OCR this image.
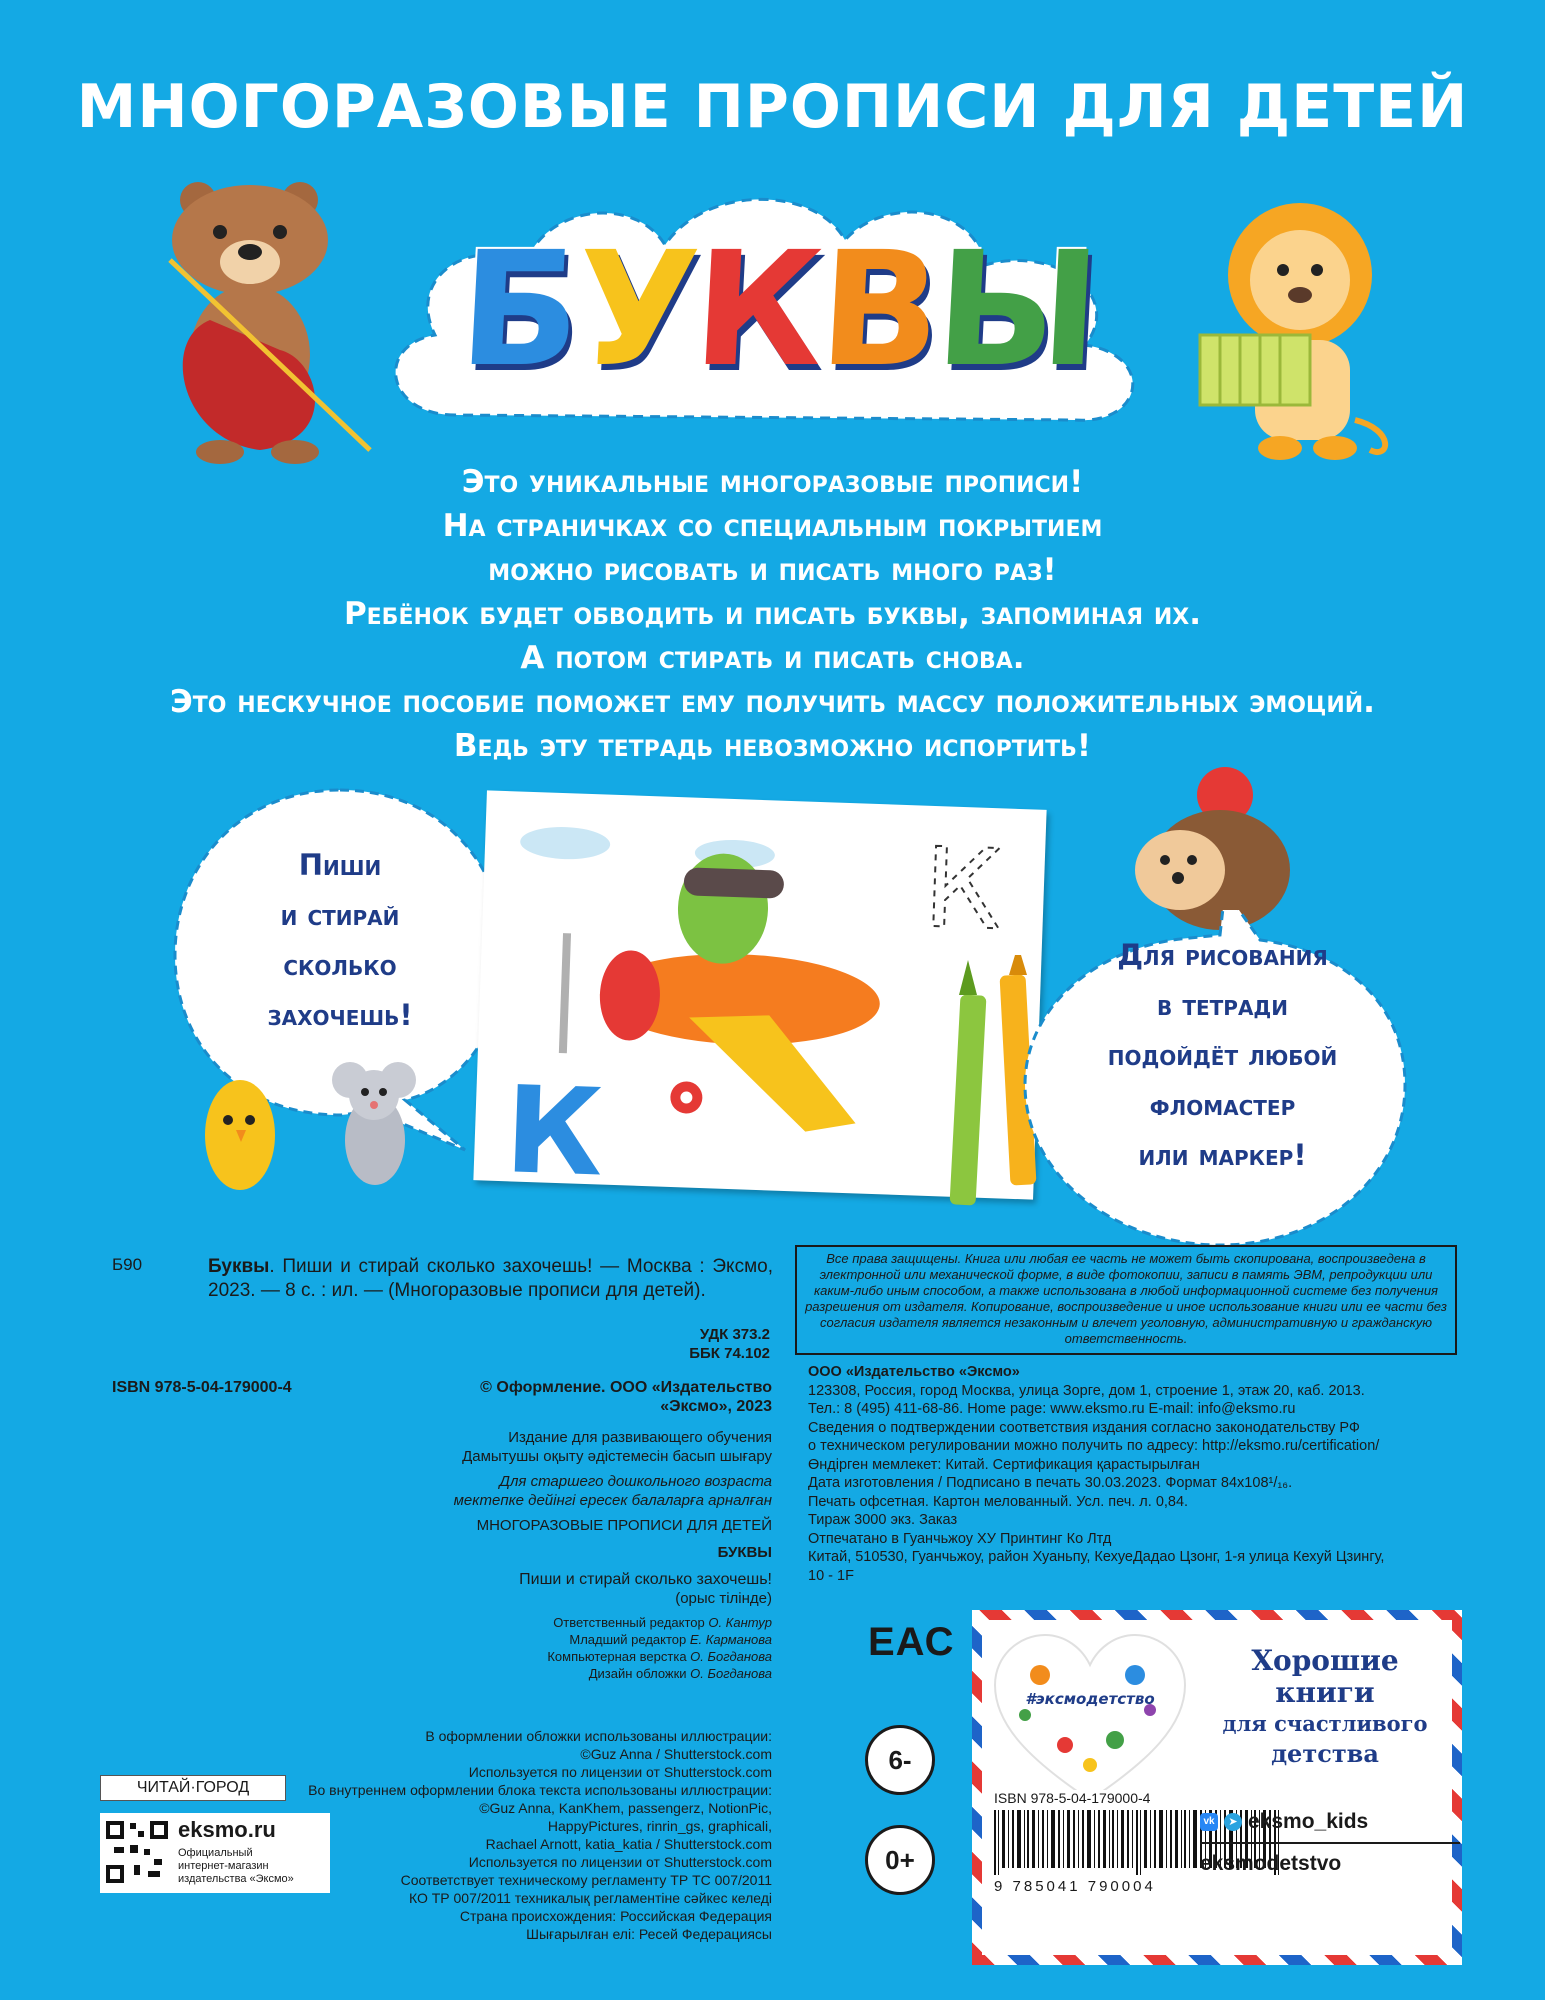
МНОГОРАЗОВЫЕ ПРОПИСИ ДЛЯ ДЕТЕЙ
Б
У
К
В
Ы
Это уникальные многоразовые прописи!
На страничках со специальным покрытием
можно рисовать и писать много раз!
Ребёнок будет обводить и писать буквы, запоминая их.
А потом стирать и писать снова.
Это нескучное пособие поможет ему получить массу положительных эмоций.
Ведь эту тетрадь невозможно испортить!
Пиши
и стирай
сколько
захочешь!
К
К
Для рисования
в тетради
подойдёт любой
фломастер
или маркер!
Б90	Буквы. Пиши и стирай сколько захочешь! — Москва : Эксмо, 2023. — 8 с. : ил. — (Многоразовые прописи для детей).
УДК 373.2
ББК 74.102
ISBN 978-5-04-179000-4	© Оформление. ООО «Издательство «Эксмо», 2023
Издание для развивающего обучения
Дамытушы оқыту әдістемесін басып шығару
Для старшего дошкольного возраста
мектепке дейінгі ересек балаларға арналған
МНОГОРАЗОВЫЕ ПРОПИСИ ДЛЯ ДЕТЕЙ
БУКВЫ
Пиши и стирай сколько захочешь!
(орыс тілінде)
Ответственный редактор О. Кантур
Младший редактор Е. Карманова
Компьютерная верстка О. Богданова
Дизайн обложки О. Богданова
В оформлении обложки использованы иллюстрации:
©Guz Anna / Shutterstock.com
Используется по лицензии от Shutterstock.com
Во внутреннем оформлении блока текста использованы иллюстрации:
©Guz Anna, KanKhem, passengerz, NotionPic,
HappyPictures, rinrin_gs, graphicali,
Rachael Arnott, katia_katia / Shutterstock.com
Используется по лицензии от Shutterstock.com
Соответствует техническому регламенту ТР ТС 007/2011
КО ТР 007/2011 техникалық регламентіне сәйкес келеді
Страна происхождения: Российская Федерация
Шығарылған елі: Ресей Федерациясы
ЧИТАЙ·ГОРОД
eksmo.ru
Официальный
интернет-магазин
издательства «Эксмо»
Все права защищены. Книга или любая ее часть не может быть скопирована, воспроизведена в электронной или механической форме, в виде фотокопии, записи в память ЭВМ, репродукции или каким-либо иным способом, а также использована в любой информационной системе без получения разрешения от издателя. Копирование, воспроизведение и иное использование книги или ее части без согласия издателя является незаконным и влечет уголовную, административную и гражданскую ответственность.
ООО «Издательство «Эксмо»
123308, Россия, город Москва, улица Зорге, дом 1, строение 1, этаж 20, каб. 2013.
Тел.: 8 (495) 411-68-86. Home page: www.eksmo.ru E-mail: info@eksmo.ru
Сведения о подтверждении соответствия издания согласно законодательству РФ
о техническом регулировании можно получить по адресу: http://eksmo.ru/certification/
Өндірген мемлекет: Китай. Сертификация қарастырылған
Дата изготовления / Подписано в печать 30.03.2023. Формат 84x108¹/₁₆.
Печать офсетная. Картон мелованный. Усл. печ. л. 0,84.
Тираж 3000 экз. Заказ
Отпечатано в Гуанчьжоу ХУ Принтинг Ко Лтд
Китай, 510530, Гуанчьжоу, район Хуаньпу, КехуеДадао Цзонг, 1-я улица Кехуй Цзингу,
10 - 1F
ЕАС
6-
0+
#эксмодетство
Хорошие
книги
для счастливого
детства
ISBN 978-5-04-179000-4
9 785041 790004
vk	➤ eksmo_kids
eksmodetstvo
